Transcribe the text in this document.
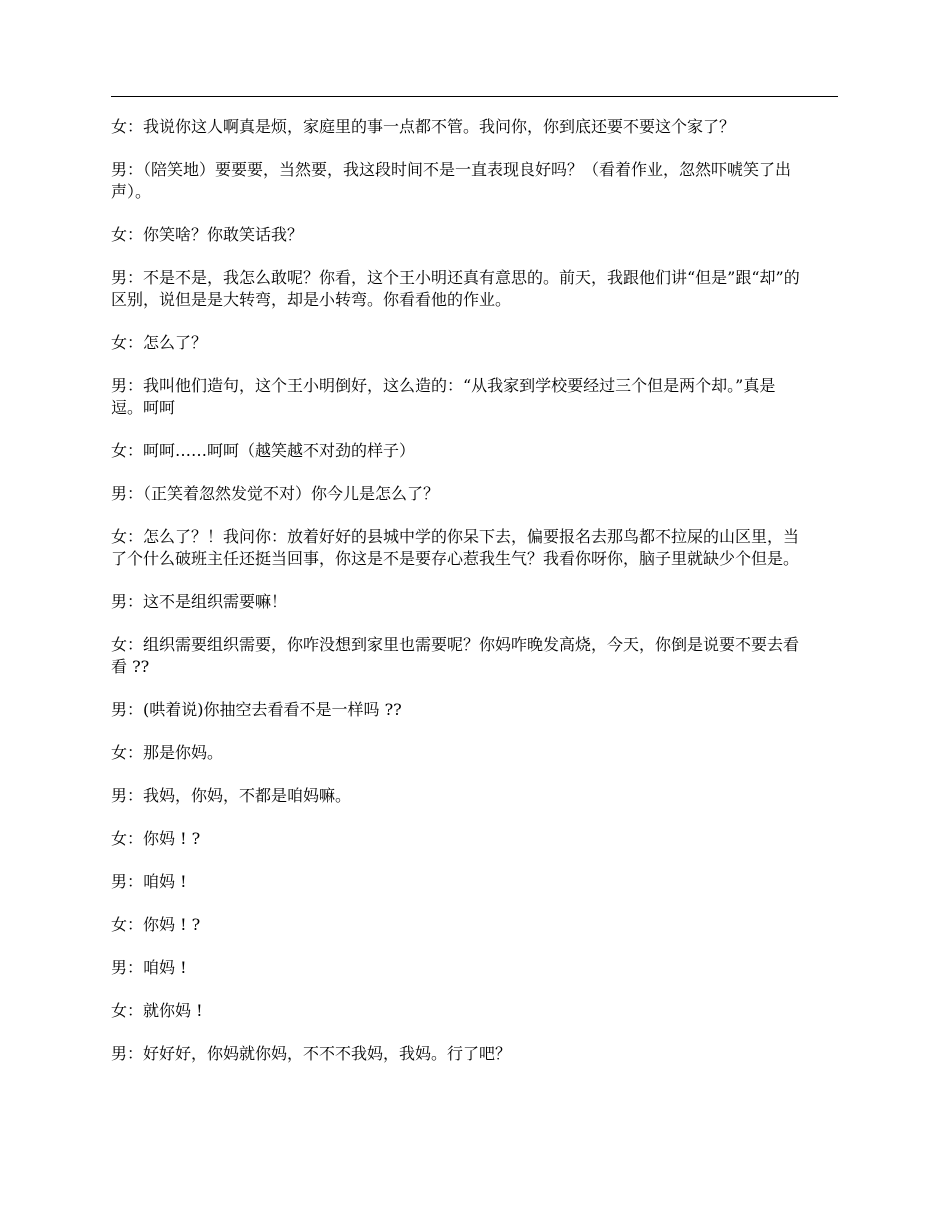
女：我说你这人啊真是烦，家庭里的事一点都不管。我问你，你到底还要不要这个家了？

男：（陪笑地）要要要，当然要，我这段时间不是一直表现良好吗？（看着作业，忽然吓唬笑了出声）。

女：你笑啥？你敢笑话我？

男：不是不是，我怎么敢呢？你看，这个王小明还真有意思的。前天，我跟他们讲“但是”跟“却”的区别，说但是是大转弯，却是小转弯。你看看他的作业。

女：怎么了？

男：我叫他们造句，这个王小明倒好，这么造的：“从我家到学校要经过三个但是两个却。”真是逗。呵呵

女：呵呵……呵呵（越笑越不对劲的样子）

男：（正笑着忽然发觉不对）你今儿是怎么了？

女：怎么了？！我问你：放着好好的县城中学的你呆下去，偏要报名去那鸟都不拉屎的山区里，当了个什么破班主任还挺当回事，你这是不是要存心惹我生气？我看你呀你，脑子里就缺少个但是。

男：这不是组织需要嘛！

女：组织需要组织需要，你咋没想到家里也需要呢？你妈咋晚发高烧，今天，你倒是说要不要去看看 ??

男：(哄着说)你抽空去看看不是一样吗 ??

女：那是你妈。

男：我妈，你妈，不都是咱妈嘛。

女：你妈 ! ?

男：咱妈 !

女：你妈 ! ?

男：咱妈 !

女：就你妈 !

男：好好好，你妈就你妈，不不不我妈，我妈。行了吧？
